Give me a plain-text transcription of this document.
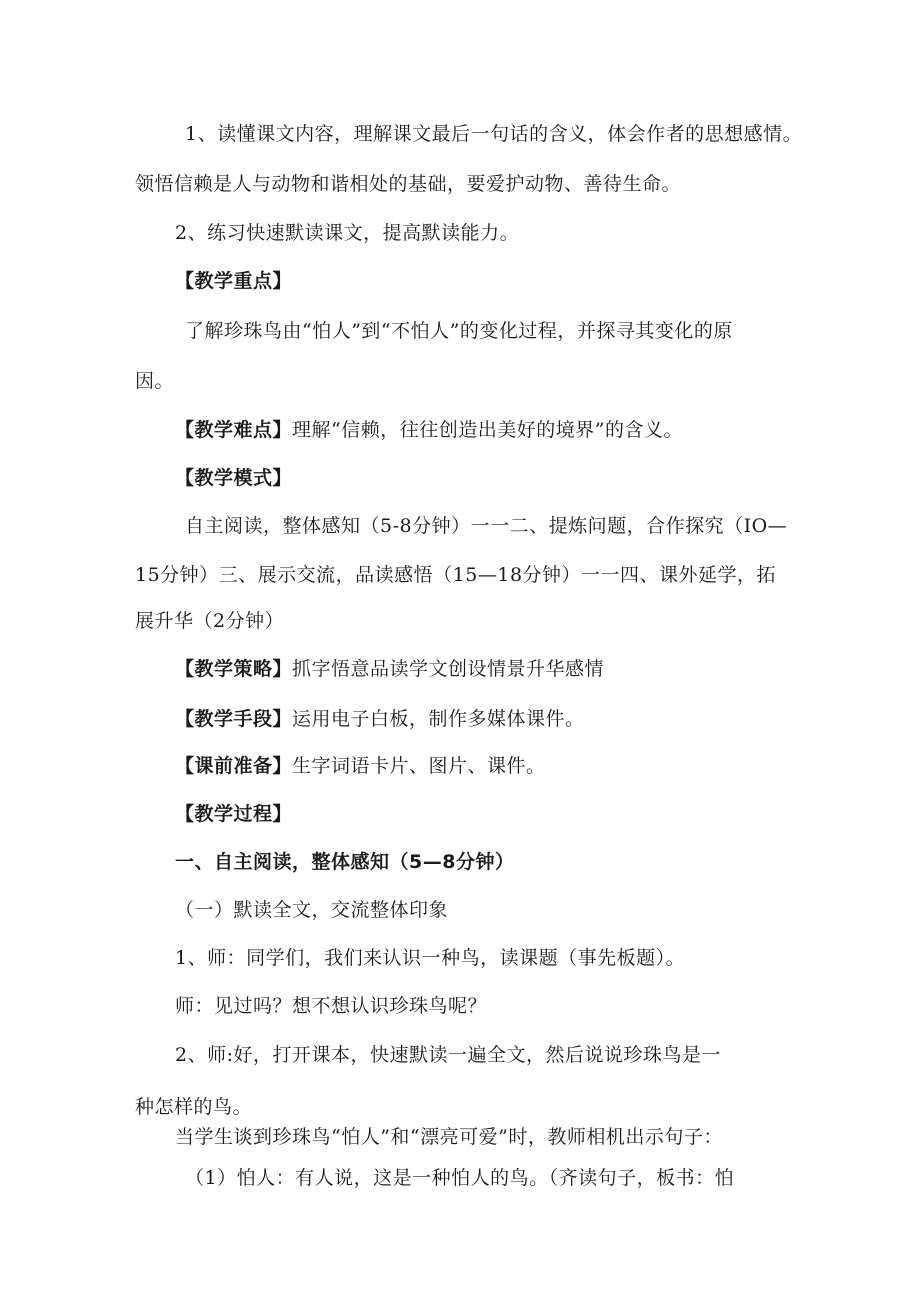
1、读懂课文内容，理解课文最后一句话的含义，体会作者的思想感情。
领悟信赖是人与动物和谐相处的基础，要爱护动物、善待生命。
2、练习快速默读课文，提高默读能力。
【教学重点】
了解珍珠鸟由“怕人”到“不怕人”的变化过程，并探寻其变化的原
因。
【教学难点】理解“信赖，往往创造出美好的境界”的含义。
【教学模式】
自主阅读，整体感知（5-8分钟）一一二、提炼问题，合作探究（IO—
15分钟）三、展示交流，品读感悟（15—18分钟）一一四、课外延学，拓
展升华（2分钟）
【教学策略】抓字悟意品读学文创设情景升华感情
【教学手段】运用电子白板，制作多媒体课件。
【课前准备】生字词语卡片、图片、课件。
【教学过程】
一、自主阅读，整体感知（5—8分钟）
（一）默读全文，交流整体印象
1、师：同学们，我们来认识一种鸟，读课题（事先板题）。
师：见过吗？想不想认识珍珠鸟呢？
2、师:好，打开课本，快速默读一遍全文，然后说说珍珠鸟是一
种怎样的鸟。
当学生谈到珍珠鸟“怕人”和“漂亮可爱”时，教师相机出示句子：
（1）怕人：有人说，这是一种怕人的鸟。（齐读句子，板书：怕
